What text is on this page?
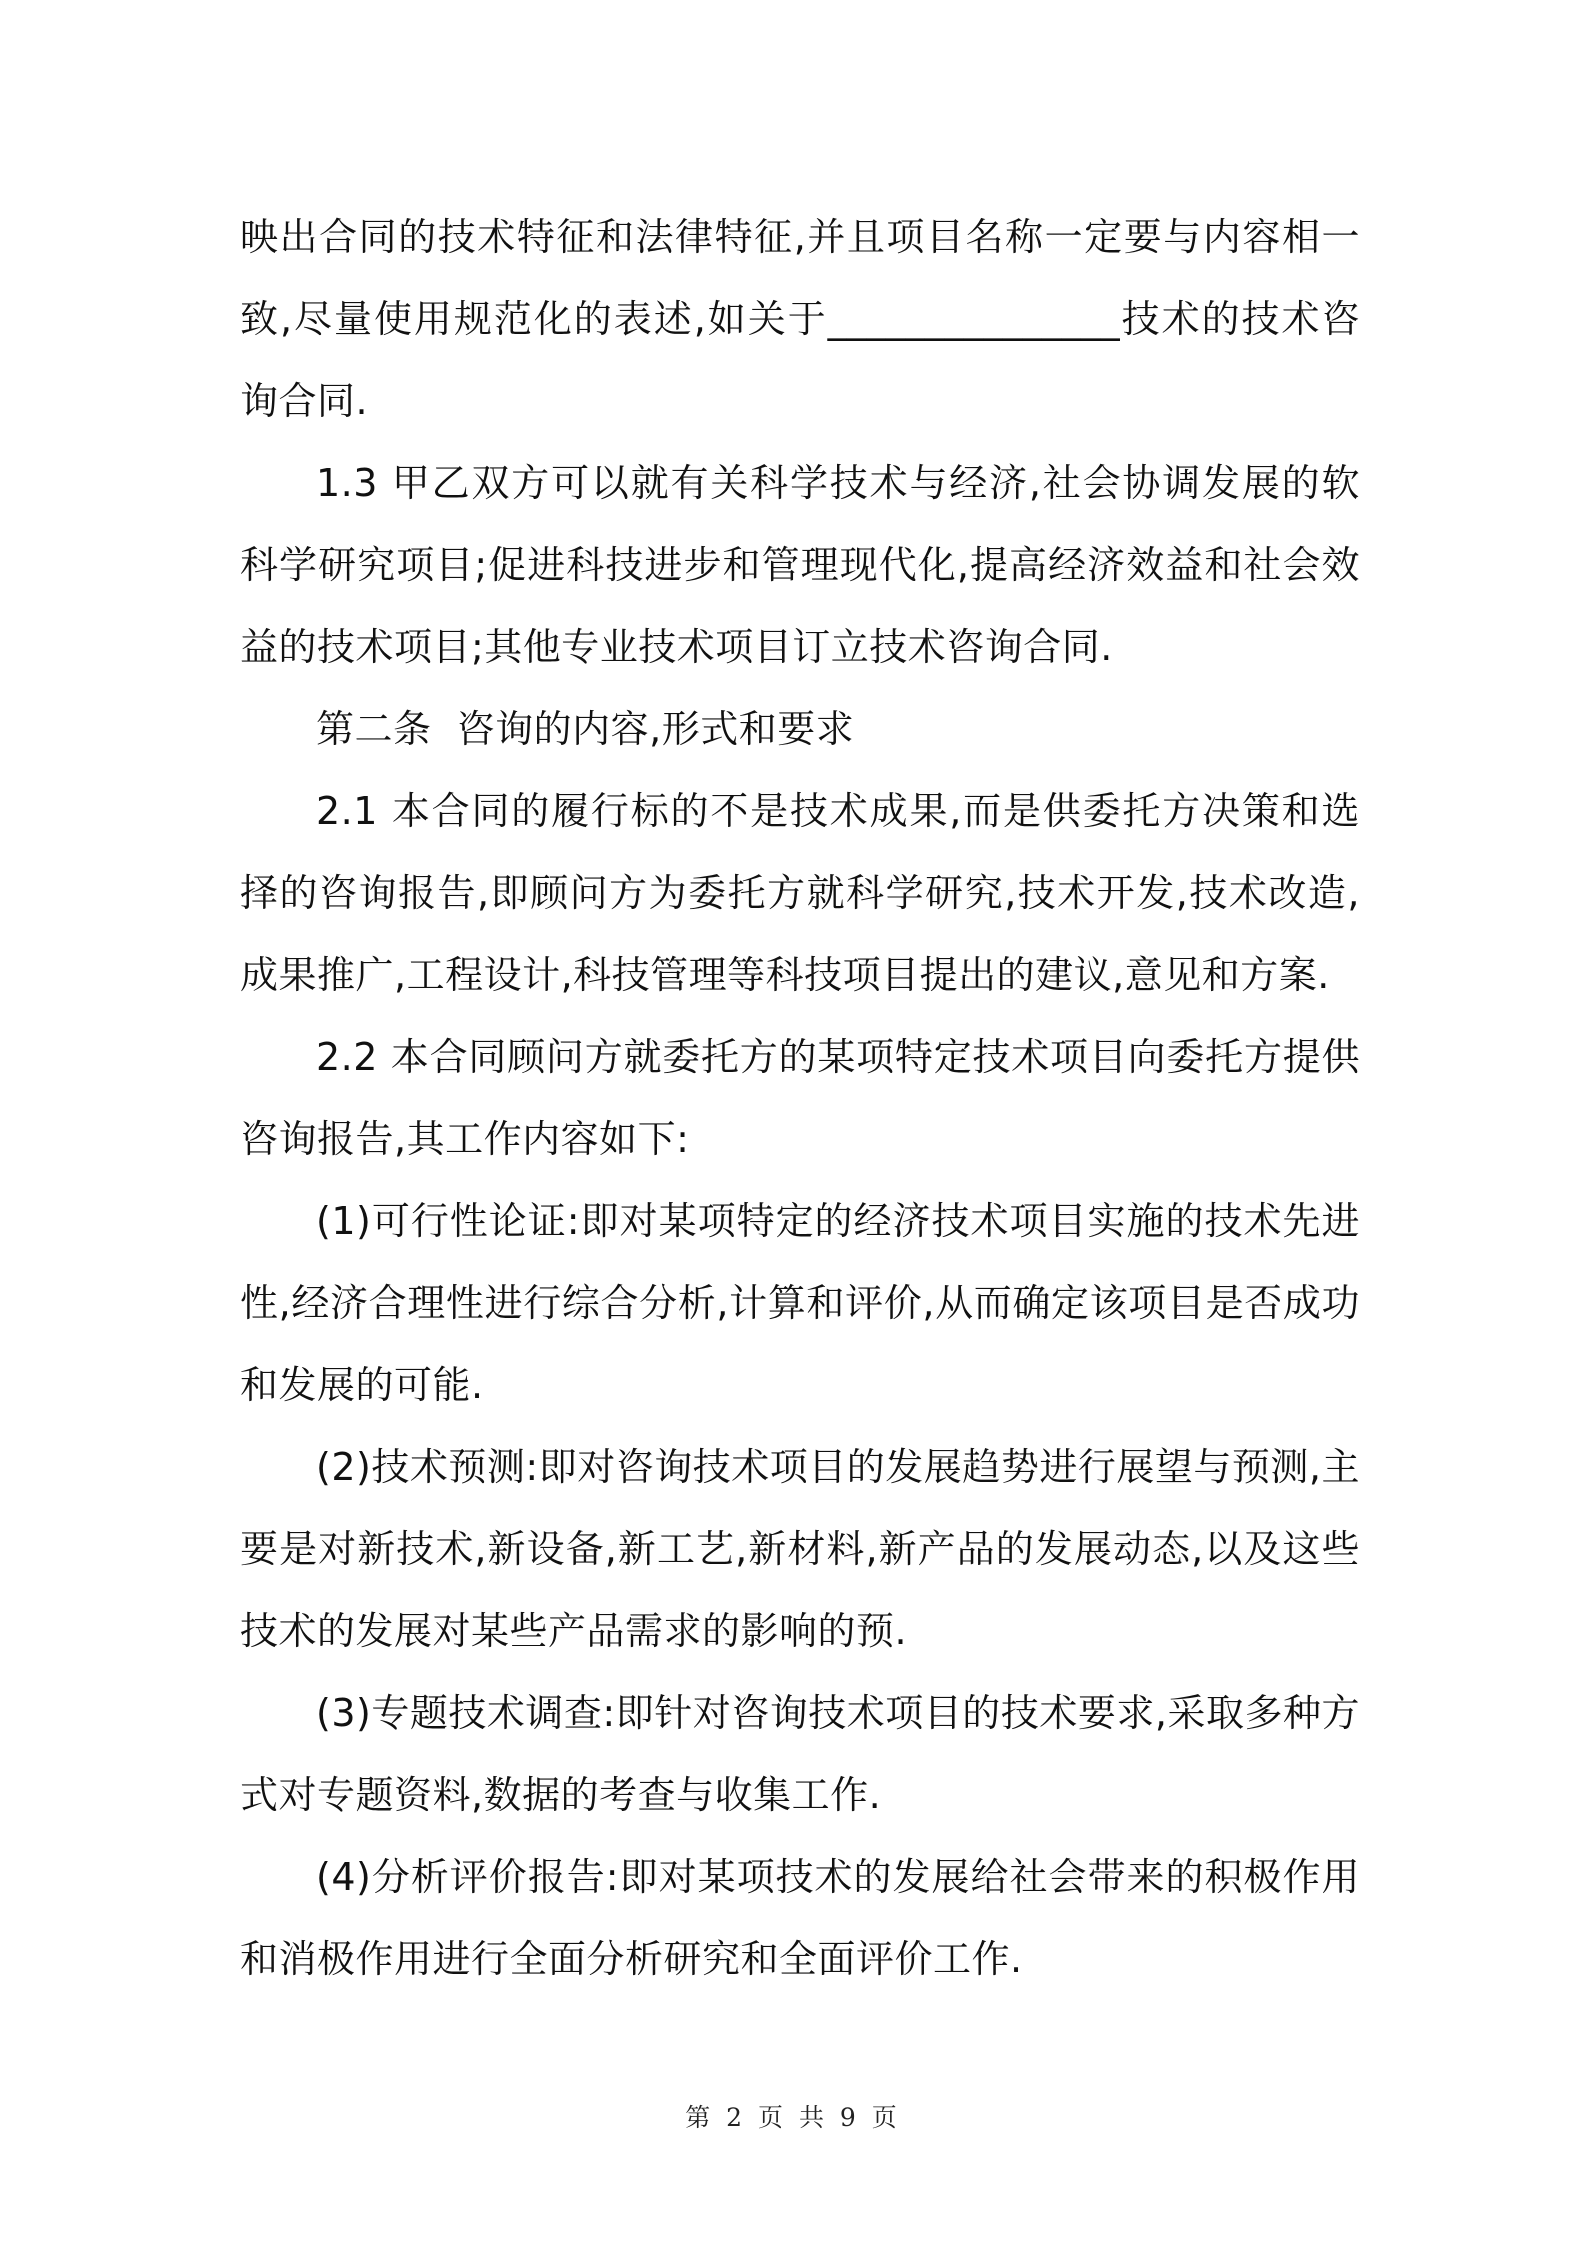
映出合同的技术特征和法律特征,并且项目名称一定要与内容相一致,尽量使用规范化的表述,如关于_______________技术的技术咨询合同.

1.3 甲乙双方可以就有关科学技术与经济,社会协调发展的软科学研究项目;促进科技进步和管理现代化,提高经济效益和社会效益的技术项目;其他专业技术项目订立技术咨询合同.

第二条  咨询的内容,形式和要求

2.1 本合同的履行标的不是技术成果,而是供委托方决策和选择的咨询报告,即顾问方为委托方就科学研究,技术开发,技术改造,成果推广,工程设计,科技管理等科技项目提出的建议,意见和方案.

2.2 本合同顾问方就委托方的某项特定技术项目向委托方提供咨询报告,其工作内容如下:

(1)可行性论证:即对某项特定的经济技术项目实施的技术先进性,经济合理性进行综合分析,计算和评价,从而确定该项目是否成功和发展的可能.

(2)技术预测:即对咨询技术项目的发展趋势进行展望与预测,主要是对新技术,新设备,新工艺,新材料,新产品的发展动态,以及这些技术的发展对某些产品需求的影响的预.

(3)专题技术调查:即针对咨询技术项目的技术要求,采取多种方式对专题资料,数据的考查与收集工作.

(4)分析评价报告:即对某项技术的发展给社会带来的积极作用和消极作用进行全面分析研究和全面评价工作.

第 2 页 共 9 页
